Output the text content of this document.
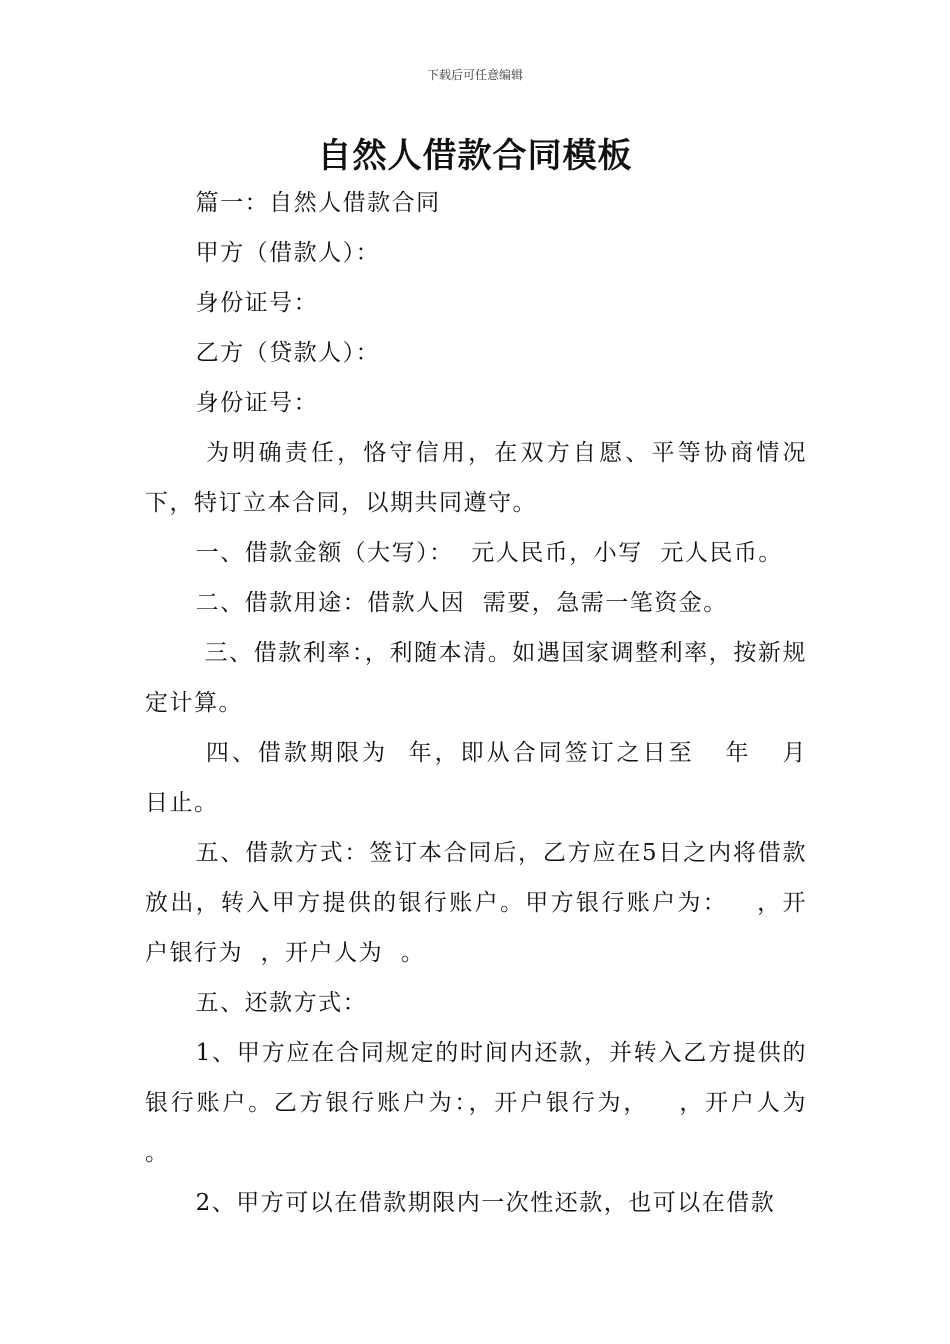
下载后可任意编辑
自然人借款合同模板

篇一：自然人借款合同

甲方（借款人）：

身份证号：

乙方（贷款人）：

身份证号：

为明确责任，恪守信用，在双方自愿、平等协商情况下，特订立本合同，以期共同遵守。

一、借款金额（大写）：  元人民币，小写  元人民币。

二、借款用途：借款人因  需要，急需一笔资金。

三、借款利率：，利随本清。如遇国家调整利率，按新规定计算。

四、借款期限为  年，即从合同签订之日至   年   月   日止。

五、借款方式：签订本合同后，乙方应在5日之内将借款放出，转入甲方提供的银行账户。甲方银行账户为：   ，开户银行为  ，开户人为  。

五、还款方式：

1、甲方应在合同规定的时间内还款，并转入乙方提供的银行账户。乙方银行账户为：，开户银行为，   ，开户人为  。

2、甲方可以在借款期限内一次性还款，也可以在借款
